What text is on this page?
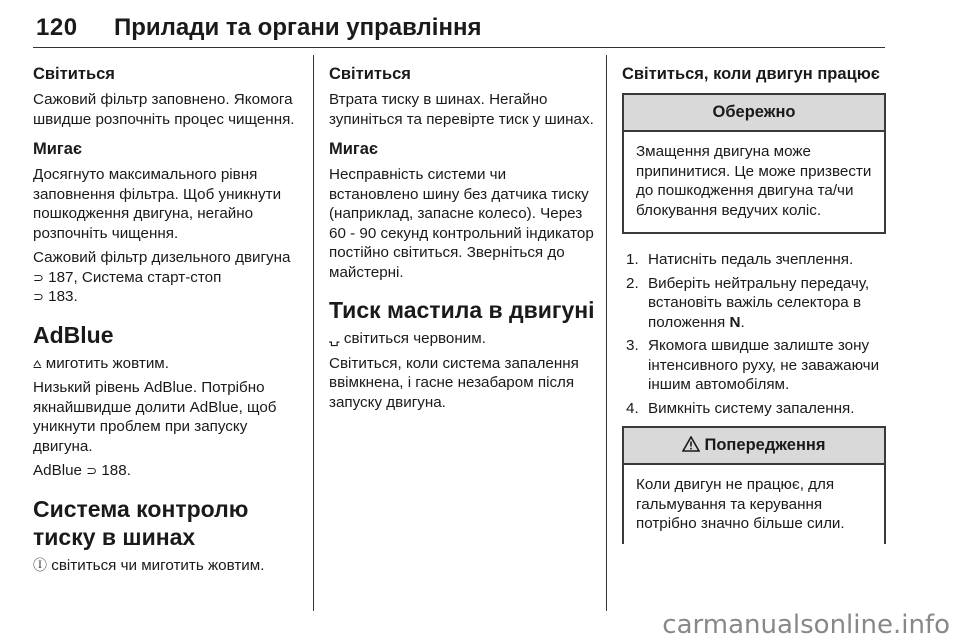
120 Прилади та органи управління
Світиться

Сажовий фільтр заповнено. Якомога швидше розпочніть процес чищення.

Мигає

Досягнуто максимального рівня заповнення фільтра. Щоб уникнути пошкодження двигуна, негайно розпочніть чищення.

Сажовий фільтр дизельного двигуна ⊃ 187, Система старт-стоп
⊃ 183.

AdBlue

⩟ миготить жовтим.

Низький рівень AdBlue. Потрібно якнайшвидше долити AdBlue, щоб уникнути проблем при запуску двигуна.

AdBlue ⊃ 188.

Система контролю тиску в шинах

Ⓘ світиться чи миготить жовтим.

Світиться

Втрата тиску в шинах. Негайно зупиніться та перевірте тиск у шинах.

Мигає

Несправність системи чи встановлено шину без датчика тиску (наприклад, запасне колесо). Через 60 - 90 секунд контрольний індикатор постійно світиться. Зверніться до майстерні.

Тиск мастила в двигуні

⍽ світиться червоним.

Світиться, коли система запалення ввімкнена, і гасне незабаром після запуску двигуна.

Світиться, коли двигун працює
Обережно
Змащення двигуна може припинитися. Це може призвести до пошкодження двигуна та/чи блокування ведучих коліс.
1. Натисніть педаль зчеплення.
2. Виберіть нейтральну передачу, встановіть важіль селектора в положення N.
3. Якомога швидше залиште зону інтенсивного руху, не заважаючи іншим автомобілям.
4. Вимкніть систему запалення.
Попередження
Коли двигун не працює, для гальмування та керування потрібно значно більше сили.
carmanualsonline.info
